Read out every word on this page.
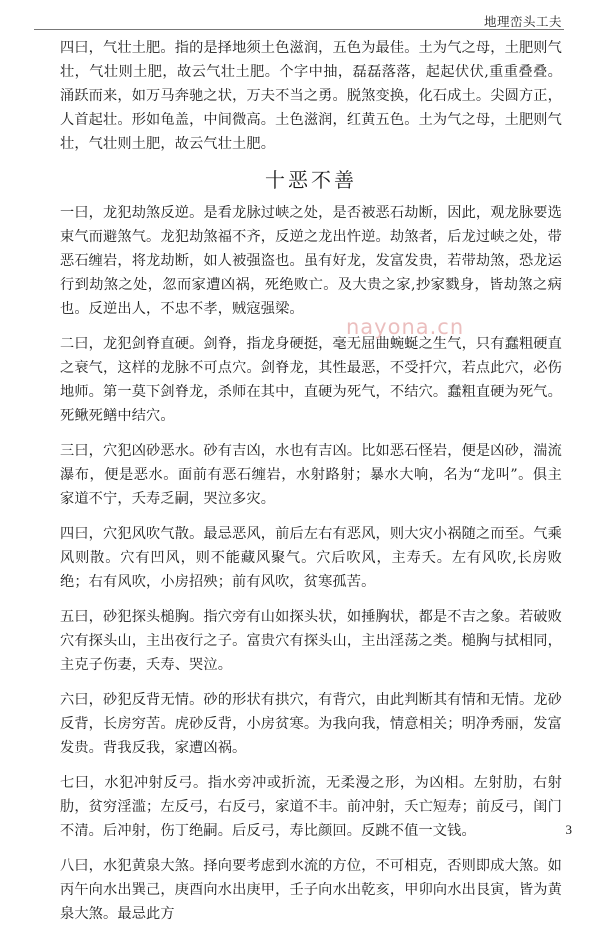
地理峦头工夫

四曰，气壮土肥。指的是择地须土色滋润，五色为最佳。土为气之母，土肥则气壮，气壮则土肥，故云气壮土肥。个字中抽，磊磊落落，起起伏伏,重重叠叠。涌跃而来，如万马奔驰之状，万夫不当之勇。脱煞变换，化石成土。尖圆方正，人首起壮。形如龟盖，中间微高。土色滋润，红黄五色。土为气之母，土肥则气壮，气壮则土肥，故云气壮土肥。

十恶不善

一曰，龙犯劫煞反逆。是看龙脉过峡之处，是否被恶石劫断，因此，观龙脉要选束气而避煞气。龙犯劫煞福不齐，反逆之龙出忤逆。劫煞者，后龙过峡之处，带恶石缠岩，将龙劫断，如人被强盗也。虽有好龙，发富发贵，若带劫煞，恐龙运行到劫煞之处，忽而家遭凶祸，死绝败亡。及大贵之家,抄家戮身，皆劫煞之病也。反逆出人，不忠不孝，贼寇强梁。

二曰，龙犯剑脊直硬。剑脊，指龙身硬挺，毫无屈曲蜿蜒之生气，只有蠢粗硬直之衰气，这样的龙脉不可点穴。剑脊龙，其性最恶，不受扦穴，若点此穴，必伤地师。第一莫下剑脊龙，杀师在其中，直硬为死气，不结穴。蠢粗直硬为死气。死鳅死鳝中结穴。

三曰，穴犯凶砂恶水。砂有吉凶，水也有吉凶。比如恶石怪岩，便是凶砂，湍流瀑布，便是恶水。面前有恶石缠岩，水射路射；暴水大响，名为“龙叫”。俱主家道不宁，夭寿乏嗣，哭泣多灾。

四曰，穴犯风吹气散。最忌恶风，前后左右有恶风，则大灾小祸随之而至。气乘风则散。穴有凹风，则不能藏风聚气。穴后吹风，主寿夭。左有风吹,长房败绝；右有风吹，小房招殃；前有风吹，贫寒孤苦。

五曰，砂犯探头槌胸。指穴旁有山如探头状，如捶胸状，都是不吉之象。若破败穴有探头山，主出夜行之子。富贵穴有探头山，主出淫荡之类。槌胸与拭相同，主克子伤妻，夭寿、哭泣。

六曰，砂犯反背无情。砂的形状有拱穴，有背穴，由此判断其有情和无情。龙砂反背，长房穷苦。虎砂反背，小房贫寒。为我向我，情意相关；明净秀丽，发富发贵。背我反我，家遭凶祸。

七曰，水犯冲射反弓。指水旁冲或折流，无柔漫之形，为凶相。左射肋，右射肋，贫穷淫滥；左反弓，右反弓，家道不丰。前冲射，夭亡短寿；前反弓，闺门不清。后冲射，伤丁绝嗣。后反弓，寿比颜回。反跳不值一文钱。

八曰，水犯黄泉大煞。择向要考虑到水流的方位，不可相克，否则即成大煞。如丙午向水出巽己，庚酉向水出庚甲，壬子向水出乾亥，甲卯向水出艮寅，皆为黄泉大煞。最忌此方

nayona.cn
3
